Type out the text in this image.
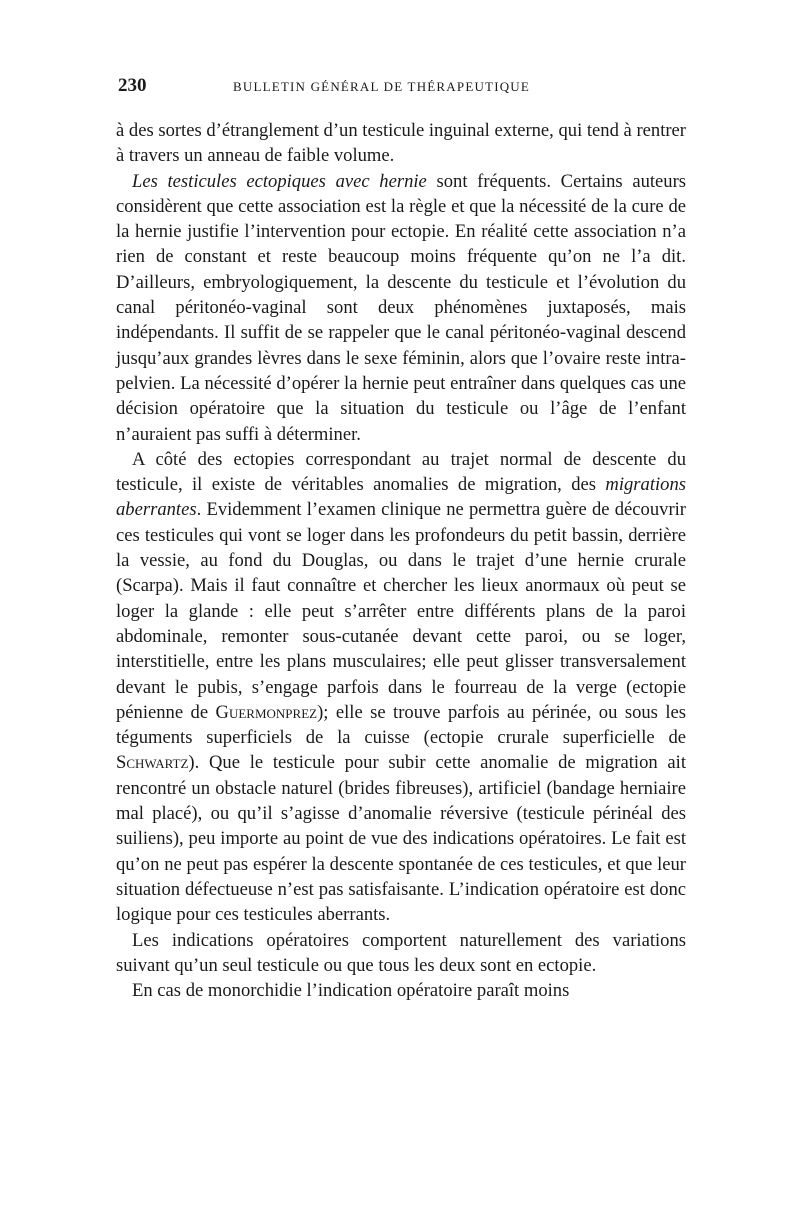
230	BULLETIN GÉNÉRAL DE THÉRAPEUTIQUE

à des sortes d’étranglement d’un testicule inguinal externe, qui tend à rentrer à travers un anneau de faible volume.

Les testicules ectopiques avec hernie sont fréquents. Certains auteurs considèrent que cette association est la règle et que la nécessité de la cure de la hernie justifie l’intervention pour ectopie. En réalité cette association n’a rien de constant et reste beaucoup moins fréquente qu’on ne l’a dit. D’ailleurs, embryologiquement, la descente du testicule et l’évolution du canal péritonéo-vaginal sont deux phénomènes juxtaposés, mais indépendants. Il suffit de se rappeler que le canal péritonéo-vaginal descend jusqu’aux grandes lèvres dans le sexe féminin, alors que l’ovaire reste intra-pelvien. La nécessité d’opérer la hernie peut entraîner dans quelques cas une décision opératoire que la situation du testicule ou l’âge de l’enfant n’auraient pas suffi à déterminer.

A côté des ectopies correspondant au trajet normal de descente du testicule, il existe de véritables anomalies de migration, des migrations aberrantes. Evidemment l’examen clinique ne permettra guère de découvrir ces testicules qui vont se loger dans les profondeurs du petit bassin, derrière la vessie, au fond du Douglas, ou dans le trajet d’une hernie crurale (Scarpa). Mais il faut connaître et chercher les lieux anormaux où peut se loger la glande : elle peut s’arrêter entre différents plans de la paroi abdominale, remonter sous-cutanée devant cette paroi, ou se loger, interstitielle, entre les plans musculaires; elle peut glisser transversalement devant le pubis, s’engage parfois dans le fourreau de la verge (ectopie pénienne de Guermonprez); elle se trouve parfois au périnée, ou sous les téguments superficiels de la cuisse (ectopie crurale superficielle de Schwartz). Que le testicule pour subir cette anomalie de migration ait rencontré un obstacle naturel (brides fibreuses), artificiel (bandage herniaire mal placé), ou qu’il s’agisse d’anomalie réversive (testicule périnéal des suiliens), peu importe au point de vue des indications opératoires. Le fait est qu’on ne peut pas espérer la descente spontanée de ces testicules, et que leur situation défectueuse n’est pas satisfaisante. L’indication opératoire est donc logique pour ces testicules aberrants.

Les indications opératoires comportent naturellement des variations suivant qu’un seul testicule ou que tous les deux sont en ectopie.

En cas de monorchidie l’indication opératoire paraît moins
